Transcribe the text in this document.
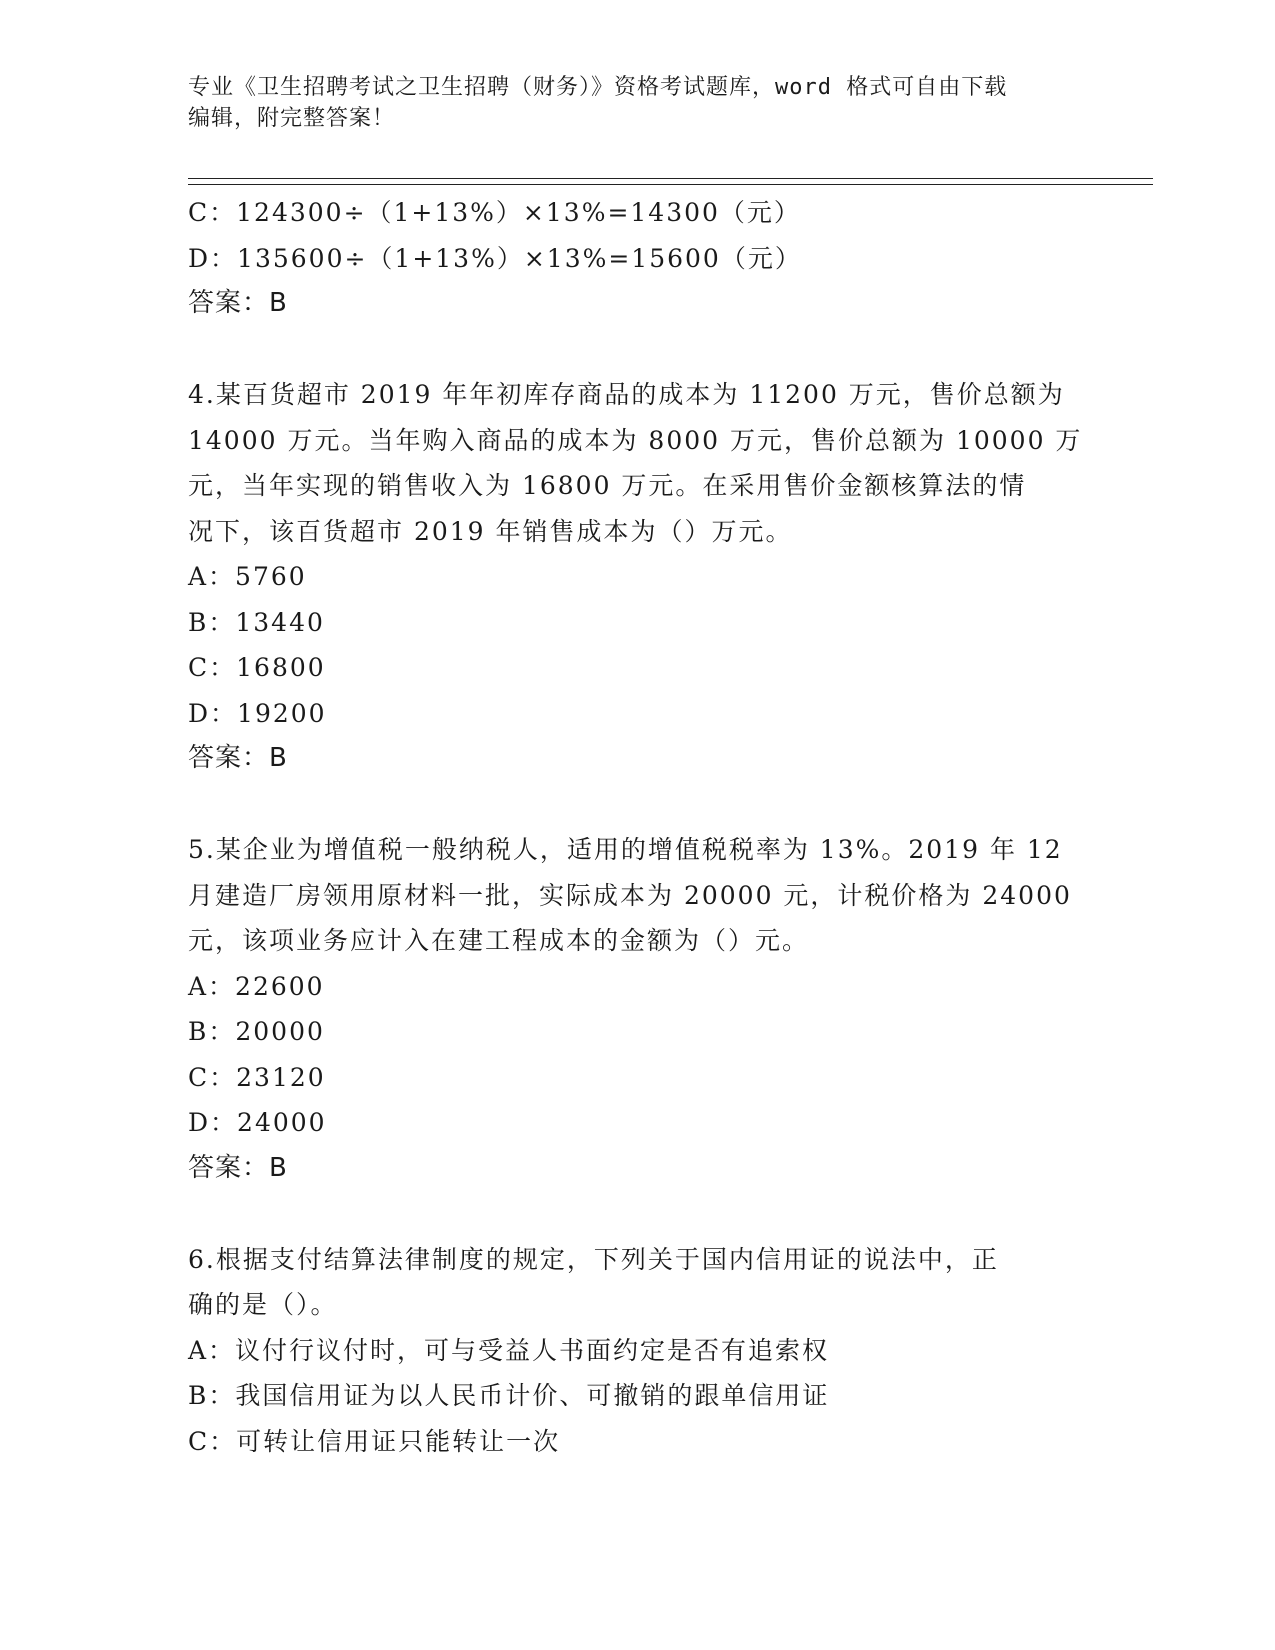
专业《卫生招聘考试之卫生招聘（财务）》资格考试题库，word 格式可自由下载
编辑，附完整答案！
C：124300÷（1+13%）×13%=14300（元）
D：135600÷（1+13%）×13%=15600（元）
答案：B
4.某百货超市 2019 年年初库存商品的成本为 11200 万元，售价总额为
14000 万元。当年购入商品的成本为 8000 万元，售价总额为 10000 万
元，当年实现的销售收入为 16800 万元。在采用售价金额核算法的情
况下，该百货超市 2019 年销售成本为（）万元。
A：5760
B：13440
C：16800
D：19200
答案：B
5.某企业为增值税一般纳税人，适用的增值税税率为 13%。2019 年 12
月建造厂房领用原材料一批，实际成本为 20000 元，计税价格为 24000
元，该项业务应计入在建工程成本的金额为（）元。
A：22600
B：20000
C：23120
D：24000
答案：B
6.根据支付结算法律制度的规定，下列关于国内信用证的说法中，正
确的是（）。
A：议付行议付时，可与受益人书面约定是否有追索权
B：我国信用证为以人民币计价、可撤销的跟单信用证
C：可转让信用证只能转让一次
